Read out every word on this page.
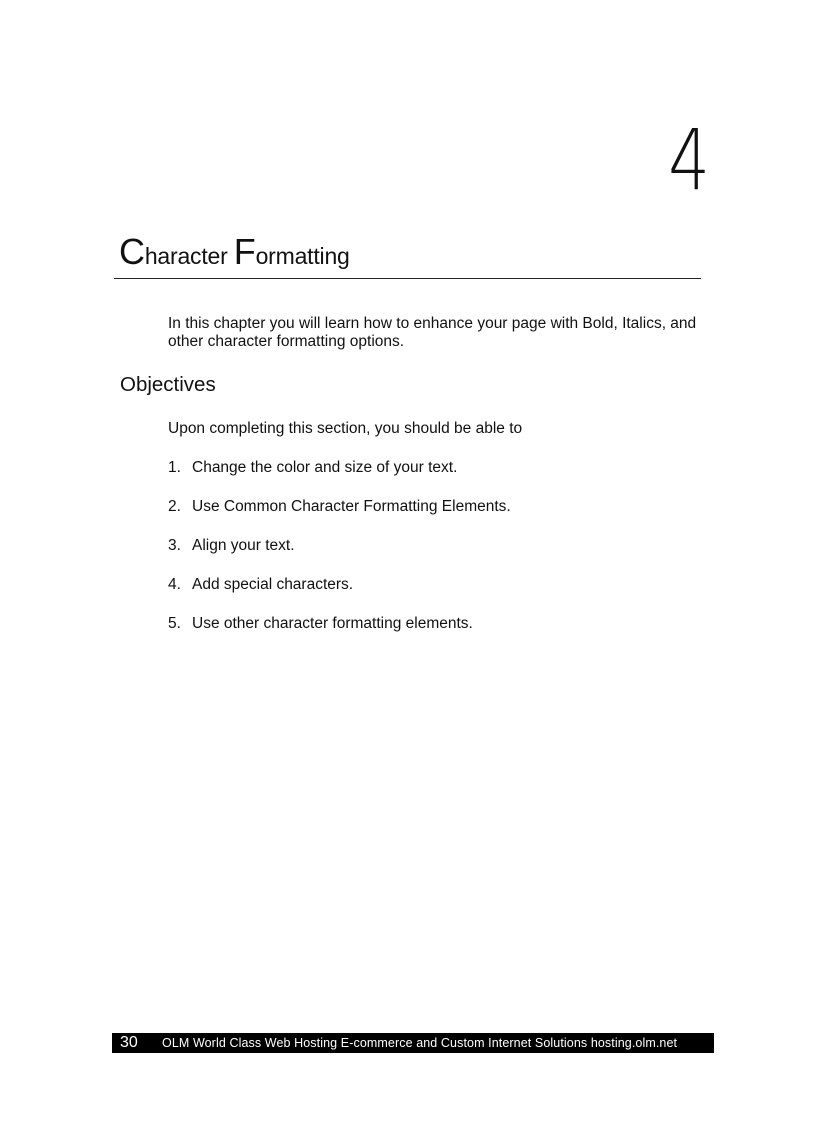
4
Character Formatting

In this chapter you will learn how to enhance your page with Bold, Italics, and other character formatting options.

Objectives
Upon completing this section, you should be able to
1. Change the color and size of your text.
2. Use Common Character Formatting Elements.
3. Align your text.
4. Add special characters.
5. Use other character formatting elements.
30	OLM World Class Web Hosting E-commerce and Custom Internet Solutions hosting.olm.net
